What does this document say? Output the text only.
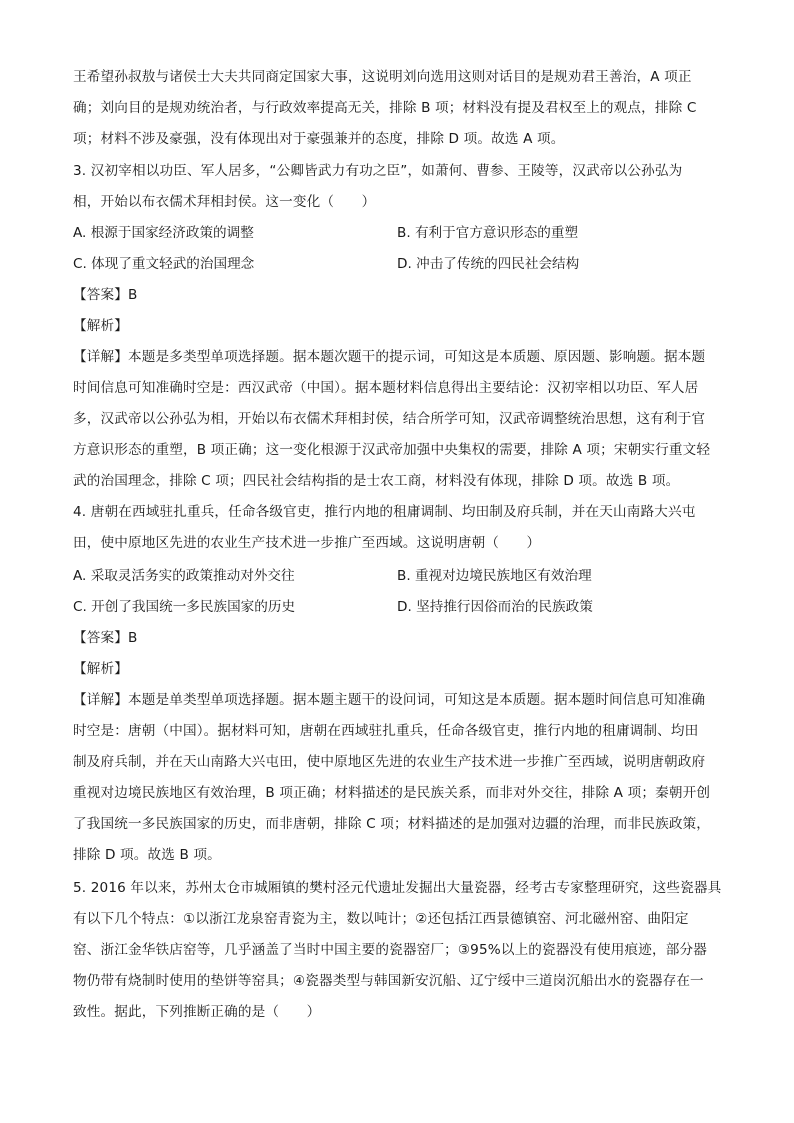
王希望孙叔敖与诸侯士大夫共同商定国家大事，这说明刘向选用这则对话目的是规劝君王善治，A 项正
确；刘向目的是规劝统治者，与行政效率提高无关，排除 B 项；材料没有提及君权至上的观点，排除 C
项；材料不涉及豪强，没有体现出对于豪强兼并的态度，排除 D 项。故选 A 项。
3. 汉初宰相以功臣、军人居多，“公卿皆武力有功之臣”，如萧何、曹参、王陵等，汉武帝以公孙弘为
相，开始以布衣儒术拜相封侯。这一变化（　　）
A. 根源于国家经济政策的调整	B. 有利于官方意识形态的重塑
C. 体现了重文轻武的治国理念	D. 冲击了传统的四民社会结构
【答案】B
【解析】
【详解】本题是多类型单项选择题。据本题次题干的提示词，可知这是本质题、原因题、影响题。据本题
时间信息可知准确时空是：西汉武帝（中国）。据本题材料信息得出主要结论：汉初宰相以功臣、军人居
多，汉武帝以公孙弘为相，开始以布衣儒术拜相封侯，结合所学可知，汉武帝调整统治思想，这有利于官
方意识形态的重塑，B 项正确；这一变化根源于汉武帝加强中央集权的需要，排除 A 项；宋朝实行重文轻
武的治国理念，排除 C 项；四民社会结构指的是士农工商，材料没有体现，排除 D 项。故选 B 项。
4. 唐朝在西域驻扎重兵，任命各级官吏，推行内地的租庸调制、均田制及府兵制，并在天山南路大兴屯
田，使中原地区先进的农业生产技术进一步推广至西域。这说明唐朝（　　）
A. 采取灵活务实的政策推动对外交往	B. 重视对边境民族地区有效治理
C. 开创了我国统一多民族国家的历史	D. 坚持推行因俗而治的民族政策
【答案】B
【解析】
【详解】本题是单类型单项选择题。据本题主题干的设问词，可知这是本质题。据本题时间信息可知准确
时空是：唐朝（中国）。据材料可知，唐朝在西域驻扎重兵，任命各级官吏，推行内地的租庸调制、均田
制及府兵制，并在天山南路大兴屯田，使中原地区先进的农业生产技术进一步推广至西域，说明唐朝政府
重视对边境民族地区有效治理，B 项正确；材料描述的是民族关系，而非对外交往，排除 A 项；秦朝开创
了我国统一多民族国家的历史，而非唐朝，排除 C 项；材料描述的是加强对边疆的治理，而非民族政策，
排除 D 项。故选 B 项。
5. 2016 年以来，苏州太仓市城厢镇的樊村泾元代遗址发掘出大量瓷器，经考古专家整理研究，这些瓷器具
有以下几个特点：①以浙江龙泉窑青瓷为主，数以吨计；②还包括江西景德镇窑、河北磁州窑、曲阳定
窑、浙江金华铁店窑等，几乎涵盖了当时中国主要的瓷器窑厂；③95%以上的瓷器没有使用痕迹，部分器
物仍带有烧制时使用的垫饼等窑具；④瓷器类型与韩国新安沉船、辽宁绥中三道岗沉船出水的瓷器存在一
致性。据此，下列推断正确的是（　　）
